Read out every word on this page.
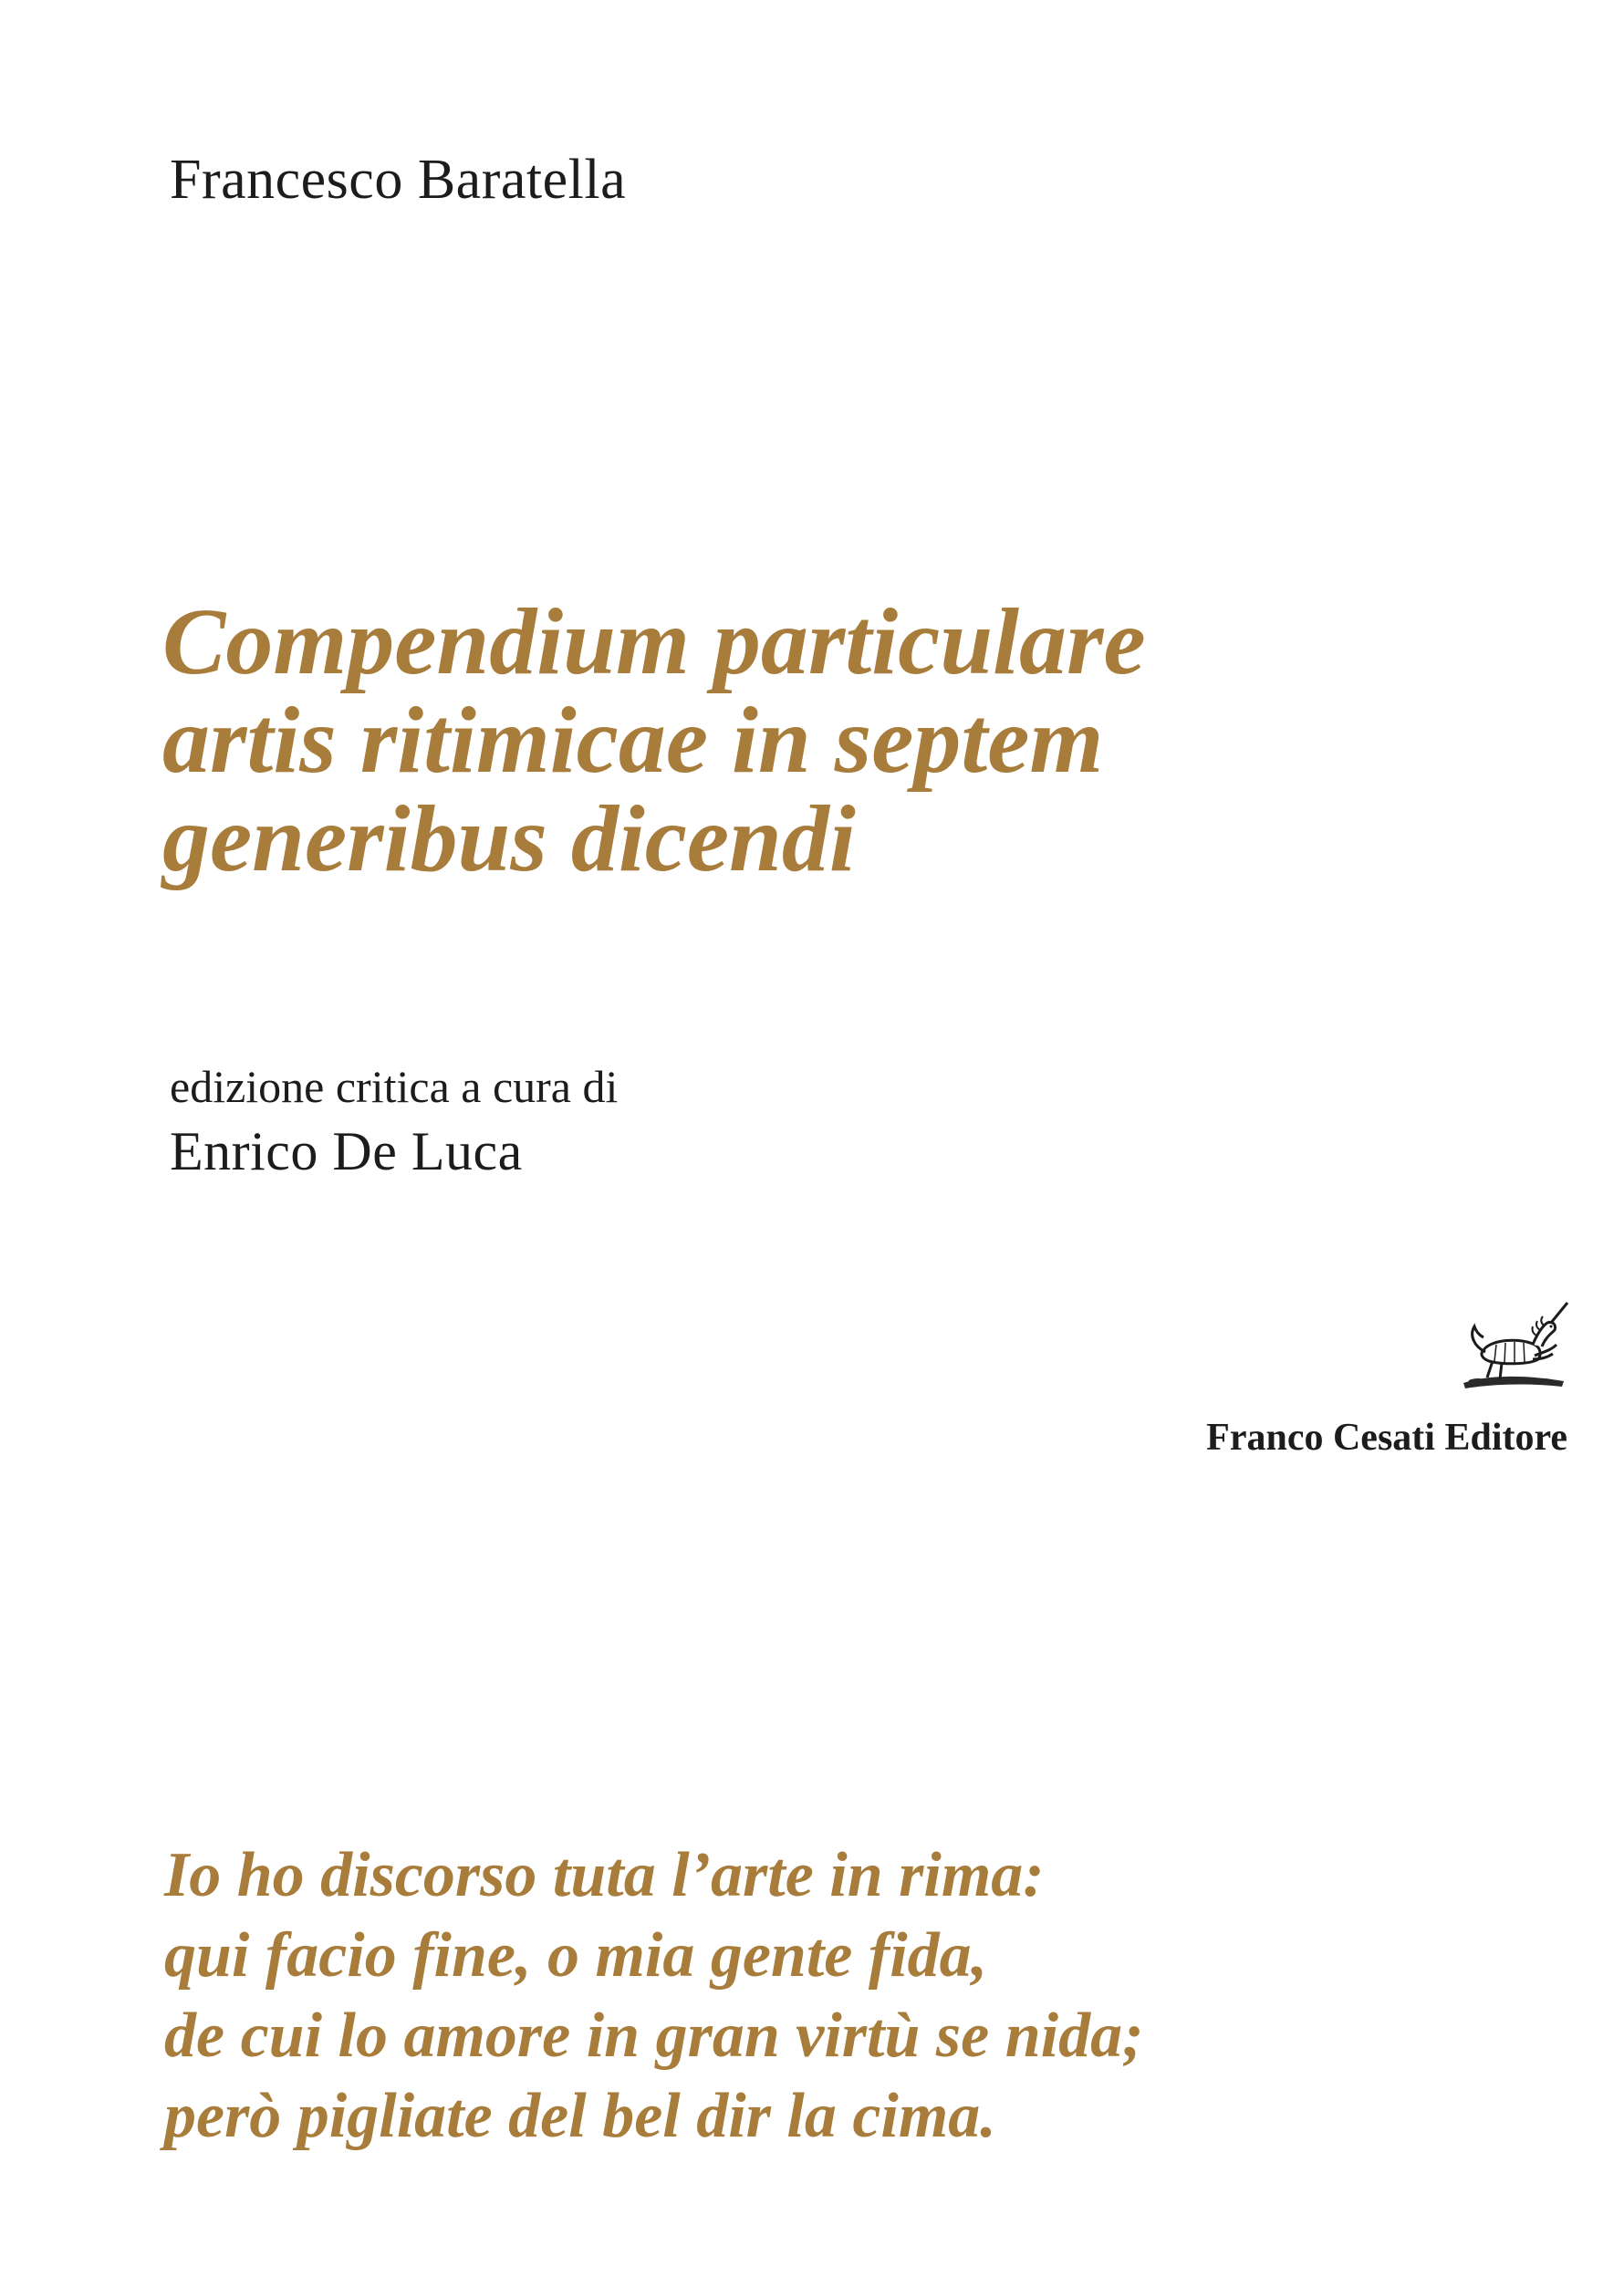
Francesco Baratella
Compendium particulare
artis ritimicae in septem
generibus dicendi
edizione critica a cura di
Enrico De Luca
Franco Cesati Editore
Io ho discorso tuta l’arte in rima:
qui facio fine, o mia gente fida,
de cui lo amore in gran virtù se nida;
però pigliate del bel dir la cima.
